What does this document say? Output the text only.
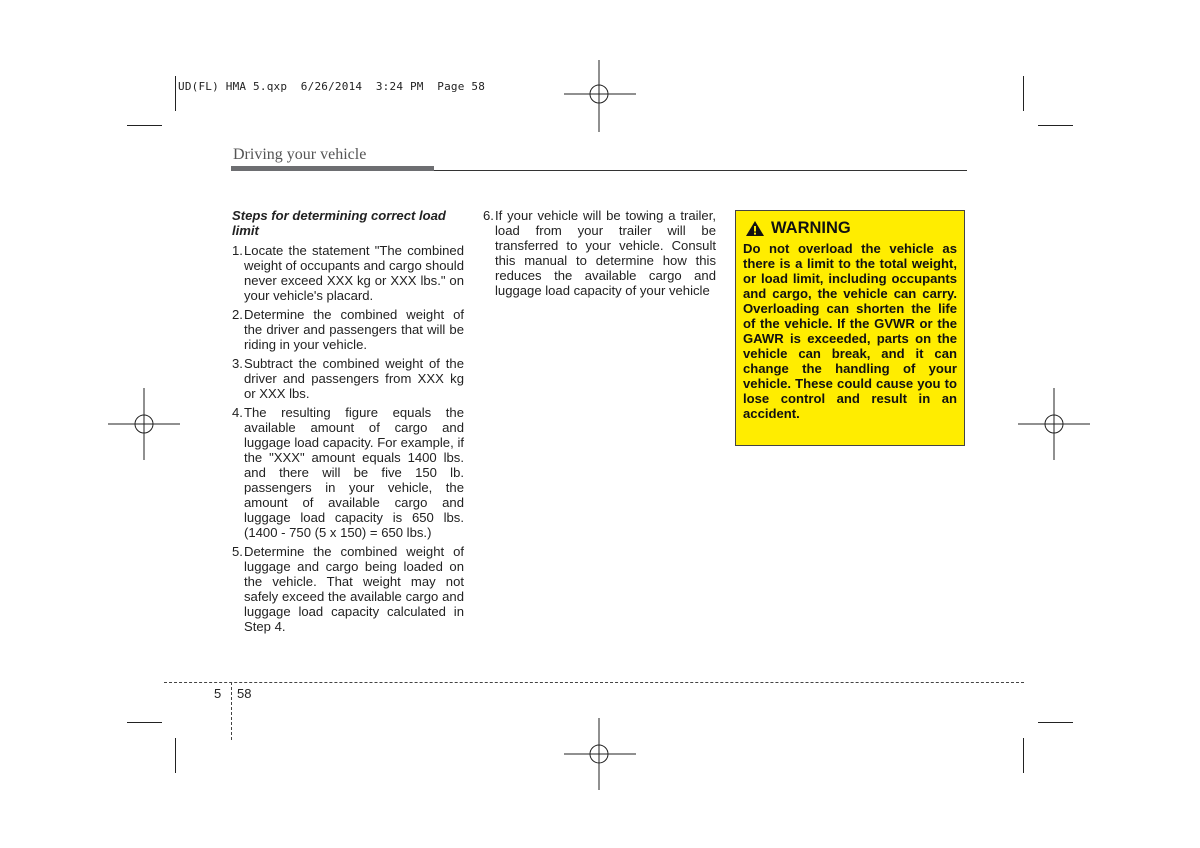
UD(FL) HMA 5.qxp  6/26/2014  3:24 PM  Page 58
Driving your vehicle
Steps for determining correct load limit
1. Locate the statement "The combined weight of occupants and cargo should never exceed XXX kg or XXX lbs." on your vehicle's placard.
2. Determine the combined weight of the driver and passengers that will be riding in your vehicle.
3. Subtract the combined weight of the driver and passengers from XXX kg or XXX lbs.
4. The resulting figure equals the available amount of cargo and luggage load capacity. For example, if the "XXX" amount equals 1400 lbs. and there will be five 150 lb. passengers in your vehicle, the amount of available cargo and luggage load capacity is 650 lbs. (1400 - 750 (5 x 150) = 650 lbs.)
5. Determine the combined weight of luggage and cargo being loaded on the vehicle. That weight may not safely exceed the available cargo and luggage load capacity calculated in Step 4.
6. If your vehicle will be towing a trailer, load from your trailer will be transferred to your vehicle. Consult this manual to determine how this reduces the available cargo and luggage load capacity of your vehicle
WARNING
Do not overload the vehicle as there is a limit to the total weight, or load limit, including occupants and cargo, the vehicle can carry. Overloading can shorten the life of the vehicle. If the GVWR or the GAWR is exceeded, parts on the vehicle can break, and it can change the handling of your vehicle. These could cause you to lose control and result in an accident.
5 58
